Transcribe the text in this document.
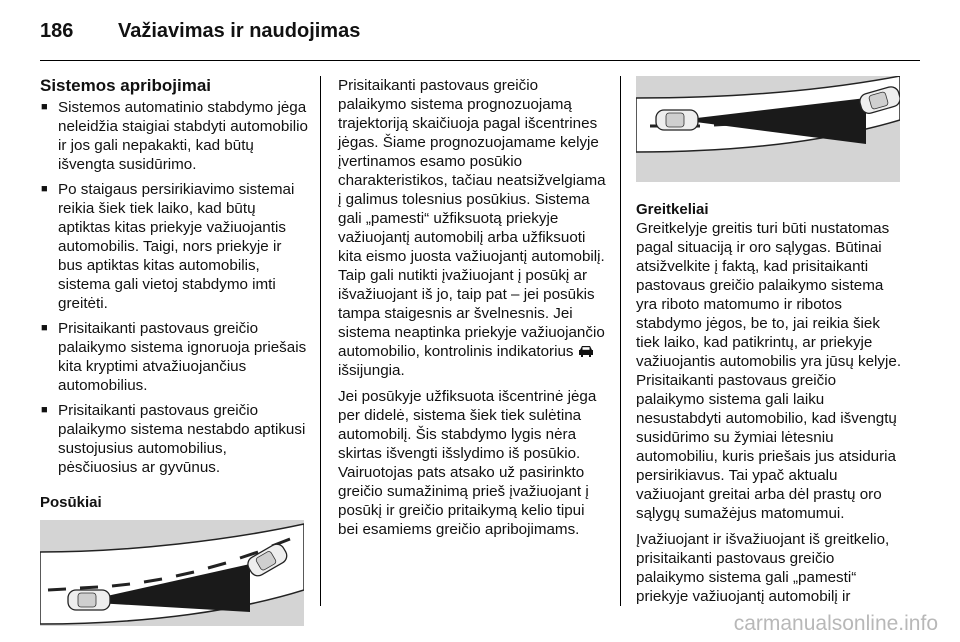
186 Važiavimas ir naudojimas
Sistemos apribojimai
■ Sistemos automatinio stabdymo jėga neleidžia staigiai stabdyti automobilio ir jos gali nepakakti, kad būtų išvengta susidūrimo.
■ Po staigaus persirikiavimo sistemai reikia šiek tiek laiko, kad būtų aptiktas kitas priekyje važiuojantis automobilis. Taigi, nors priekyje ir bus aptiktas kitas automobilis, sistema gali vietoj stabdymo imti greitėti.
■ Prisitaikanti pastovaus greičio palaikymo sistema ignoruoja priešais kita kryptimi atvažiuojančius automobilius.
■ Prisitaikanti pastovaus greičio palaikymo sistema nestabdo aptikusi sustojusius automobilius, pėsčiuosius ar gyvūnus.
Posūkiai

Prisitaikanti pastovaus greičio palaikymo sistema prognozuojamą trajektoriją skaičiuoja pagal išcentrines jėgas. Šiame prognozuojamame kelyje įvertinamos esamo posūkio charakteristikos, tačiau neatsižvelgiama į galimus tolesnius posūkius. Sistema gali „pamesti“ užfiksuotą priekyje važiuojantį automobilį arba užfiksuoti kita eismo juosta važiuojantį automobilį. Taip gali nutikti įvažiuojant į posūkį ar išvažiuojant iš jo, taip pat – jei posūkis tampa staigesnis ar švelnesnis. Jei sistema neaptinka priekyje važiuojančio automobilio, kontrolinis indikatorius  išsijungia.

Jei posūkyje užfiksuota išcentrinė jėga per didelė, sistema šiek tiek sulėtina automobilį. Šis stabdymo lygis nėra skirtas išvengti išslydimo iš posūkio. Vairuotojas pats atsako už pasirinkto greičio sumažinimą prieš įvažiuojant į posūkį ir greičio pritaikymą kelio tipui bei esamiems greičio apribojimams.

Greitkeliai

Greitkelyje greitis turi būti nustatomas pagal situaciją ir oro sąlygas. Būtinai atsižvelkite į faktą, kad prisitaikanti pastovaus greičio palaikymo sistema yra riboto matomumo ir ribotos stabdymo jėgos, be to, jai reikia šiek tiek laiko, kad patikrintų, ar priekyje važiuojantis automobilis yra jūsų kelyje. Prisitaikanti pastovaus greičio palaikymo sistema gali laiku nesustabdyti automobilio, kad išvengtų susidūrimo su žymiai lėtesniu automobiliu, kuris priešais jus atsiduria persirikiavus. Tai ypač aktualu važiuojant greitai arba dėl prastų oro sąlygų sumažėjus matomumui.

Įvažiuojant ir išvažiuojant iš greitkelio, prisitaikanti pastovaus greičio palaikymo sistema gali „pamesti“ priekyje važiuojantį automobilį ir

carmanualsonline.info
